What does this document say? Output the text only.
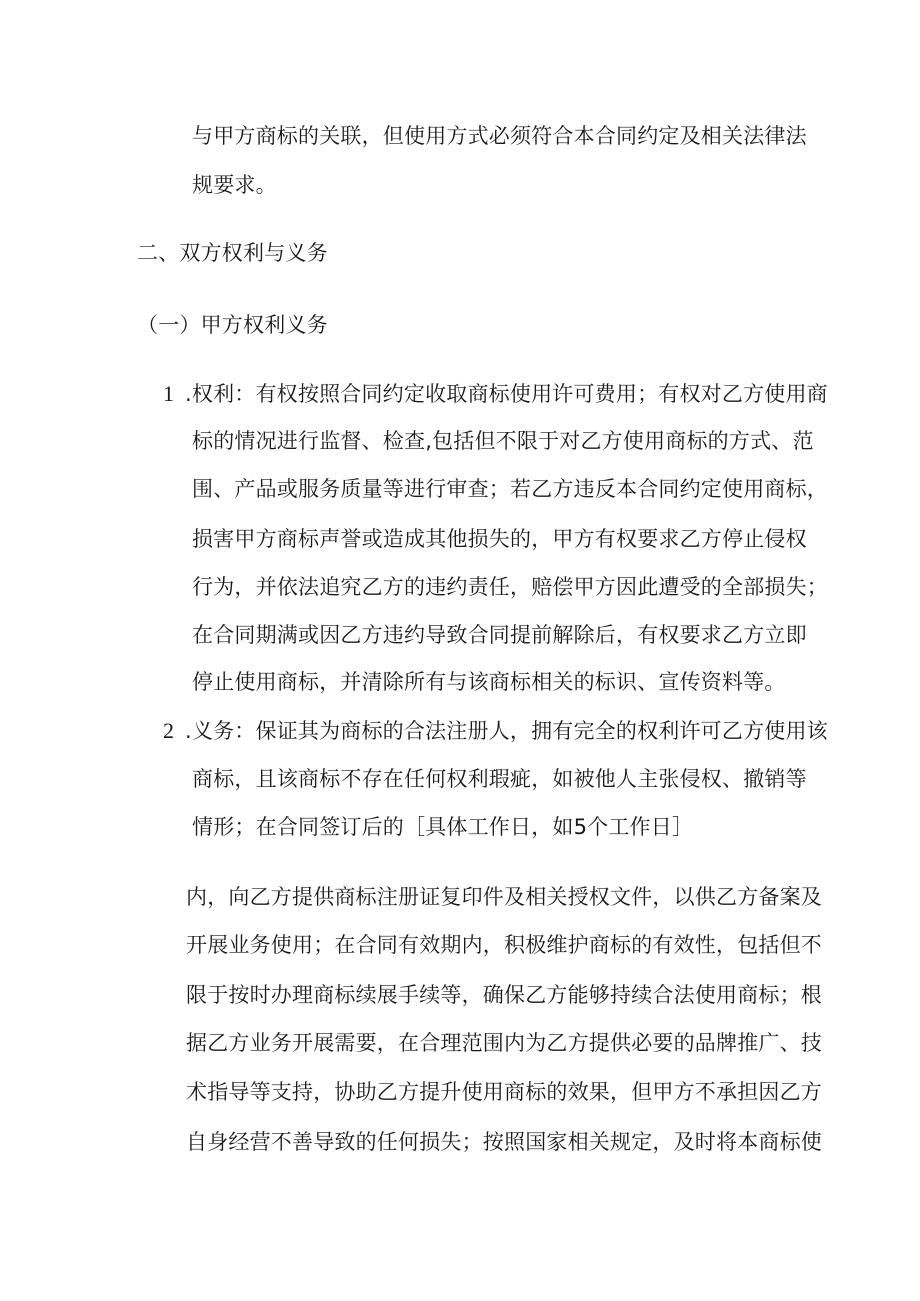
与甲方商标的关联，但使用方式必须符合本合同约定及相关法律法
规要求。
二、双方权利与义务
（一）甲方权利义务
1 .权利：有权按照合同约定收取商标使用许可费用；有权对乙方使用商
标的情况进行监督、检查,包括但不限于对乙方使用商标的方式、范
围、产品或服务质量等进行审查；若乙方违反本合同约定使用商标，
损害甲方商标声誉或造成其他损失的，甲方有权要求乙方停止侵权
行为，并依法追究乙方的违约责任，赔偿甲方因此遭受的全部损失；
在合同期满或因乙方违约导致合同提前解除后，有权要求乙方立即
停止使用商标，并清除所有与该商标相关的标识、宣传资料等。
2 .义务：保证其为商标的合法注册人，拥有完全的权利许可乙方使用该
商标，且该商标不存在任何权利瑕疵，如被他人主张侵权、撤销等
情形；在合同签订后的［具体工作日，如5个工作日］
内，向乙方提供商标注册证复印件及相关授权文件，以供乙方备案及
开展业务使用；在合同有效期内，积极维护商标的有效性，包括但不
限于按时办理商标续展手续等，确保乙方能够持续合法使用商标；根
据乙方业务开展需要，在合理范围内为乙方提供必要的品牌推广、技
术指导等支持，协助乙方提升使用商标的效果，但甲方不承担因乙方
自身经营不善导致的任何损失；按照国家相关规定，及时将本商标使
